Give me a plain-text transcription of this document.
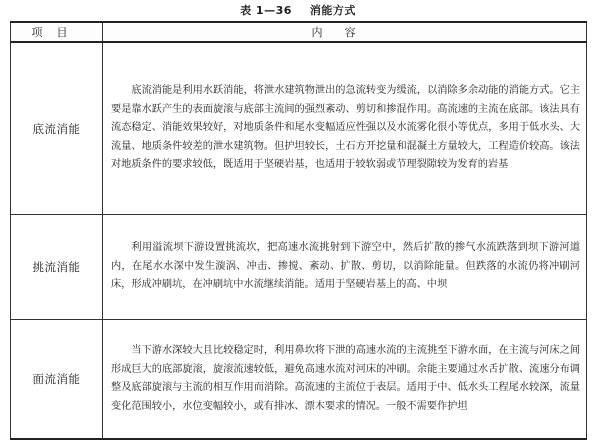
表 1—36 消能方式
项目	内容
底流消能	底流消能是利用水跃消能，将泄水建筑物泄出的急流转变为缓流，以消除多余动能的消能方式。它主要是靠水跃产生的表面旋滚与底部主流间的强烈紊动、剪切和掺混作用。高流速的主流在底部。该法具有流态稳定、消能效果较好，对地质条件和尾水变幅适应性强以及水流雾化很小等优点，多用于低水头、大流量、地质条件较差的泄水建筑物。但护坦较长，土石方开挖量和混凝土方量较大，工程造价较高。该法对地质条件的要求较低，既适用于坚硬岩基，也适用于较软弱或节理裂隙较为发育的岩基
挑流消能	利用溢流坝下游设置挑流坎，把高速水流挑射到下游空中，然后扩散的掺气水流跌落到坝下游河道内，在尾水水深中发生漩涡、冲击、掺搅、紊动、扩散、剪切，以消除能量。但跌落的水流仍将冲刷河床，形成冲刷坑，在冲刷坑中水流继续消能。适用于坚硬岩基上的高、中坝
面流消能	当下游水深较大且比较稳定时，利用鼻坎将下泄的高速水流的主流挑至下游水面，在主流与河床之间形成巨大的底部旋滚，旋滚流速较低，避免高速水流对河床的冲刷。余能主要通过水舌扩散、流速分布调整及底部旋滚与主流的相互作用而消除。高流速的主流位于表层。适用于中、低水头工程尾水较深，流量变化范围较小，水位变幅较小，或有排冰、漂木要求的情况。一般不需要作护坦
